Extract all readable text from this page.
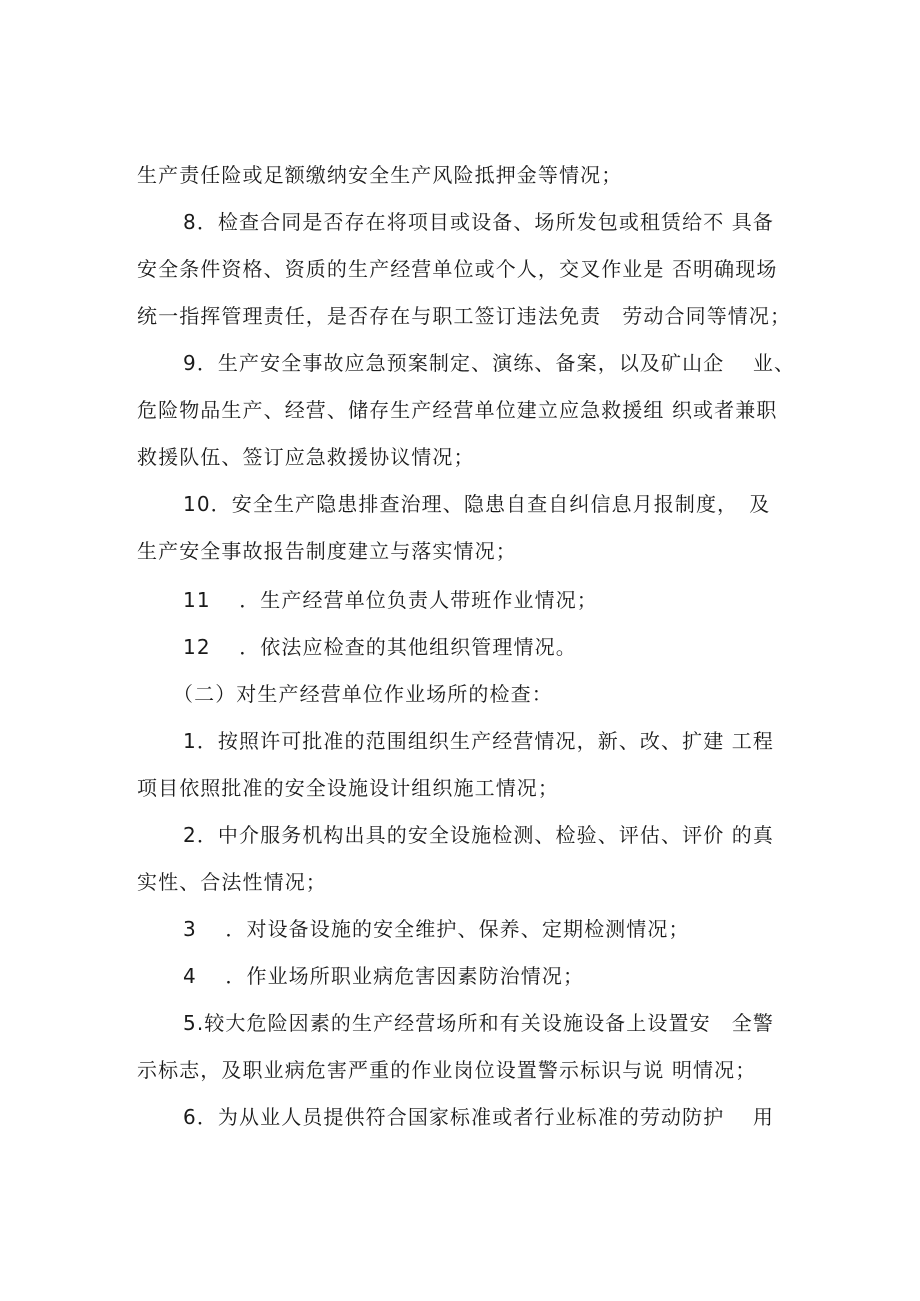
生产责任险或足额缴纳安全生产风险抵押金等情况；
8．检查合同是否存在将项目或设备、场所发包或租赁给不 具备
安全条件资格、资质的生产经营单位或个人，交叉作业是 否明确现场
统一指挥管理责任，是否存在与职工签订违法免责　劳动合同等情况；
9．生产安全事故应急预案制定、演练、备案，以及矿山企　 业、
危险物品生产、经营、储存生产经营单位建立应急救援组 织或者兼职
救援队伍、签订应急救援协议情况；
10．安全生产隐患排查治理、隐患自查自纠信息月报制度，　及
生产安全事故报告制度建立与落实情况；
11　 ．生产经营单位负责人带班作业情况；
12　 ．依法应检查的其他组织管理情况。
（二）对生产经营单位作业场所的检查：
1．按照许可批准的范围组织生产经营情况，新、改、扩建 工程
项目依照批准的安全设施设计组织施工情况；
2．中介服务机构出具的安全设施检测、检验、评估、评价 的真
实性、合法性情况；
3　 ．对设备设施的安全维护、保养、定期检测情况；
4　 ．作业场所职业病危害因素防治情况；
5.较大危险因素的生产经营场所和有关设施设备上设置安　全警
示标志，及职业病危害严重的作业岗位设置警示标识与说 明情况；
6．为从业人员提供符合国家标准或者行业标准的劳动防护　 用
